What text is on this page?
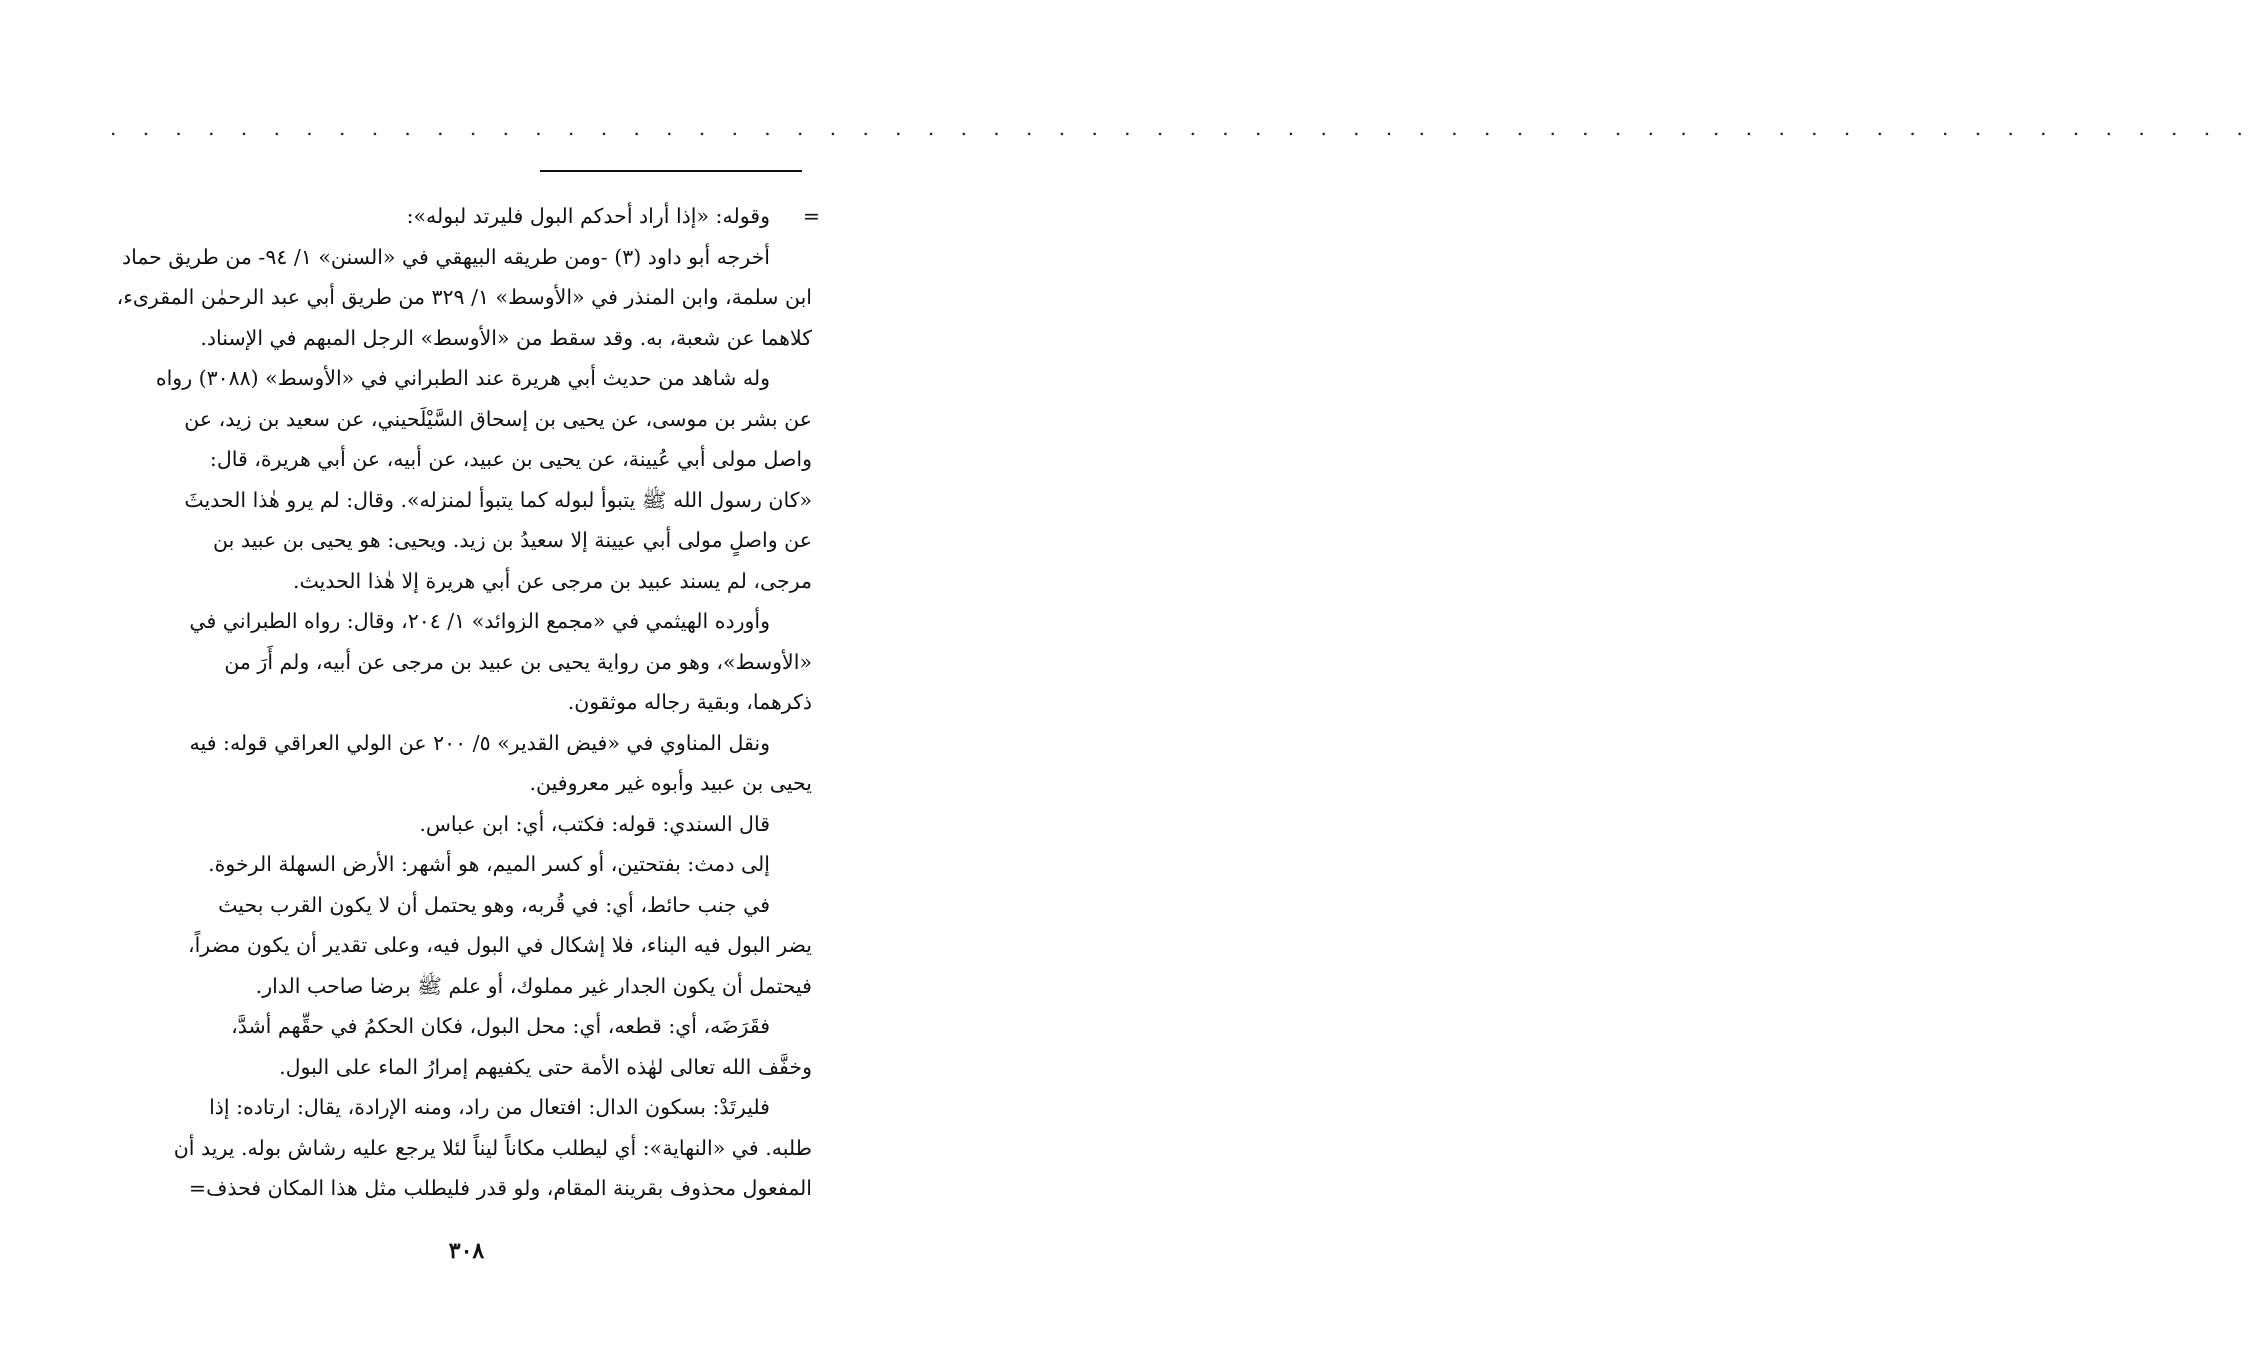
. . . . . . . . . . . . . . . . . . . . . . . . . . . . . . . . . . . . . . . . . . . . . . . . . . . . . . . . . . . . . . . . . .
=
وقوله: «إذا أراد أحدكم البول فليرتد لبوله»:
أخرجه أبو داود (٣) -ومن طريقه البيهقي في «السنن» ١/ ٩٤- من طريق حماد
ابن سلمة، وابن المنذر في «الأوسط» ١/ ٣٢٩ من طريق أبي عبد الرحمٰن المقرىء،
كلاهما عن شعبة، به. وقد سقط من «الأوسط» الرجل المبهم في الإسناد.
وله شاهد من حديث أبي هريرة عند الطبراني في «الأوسط» (٣٠٨٨) رواه
عن بشر بن موسى، عن يحيى بن إسحاق السَّيْلَحيني، عن سعيد بن زيد، عن
واصل مولى أبي عُيينة، عن يحيى بن عبيد، عن أبيه، عن أبي هريرة، قال:
«كان رسول الله ﷺ يتبوأ لبوله كما يتبوأ لمنزله». وقال: لم يرو هٰذا الحديثَ
عن واصلٍ مولى أبي عيينة إلا سعيدُ بن زيد. ويحيى: هو يحيى بن عبيد بن
مرجى، لم يسند عبيد بن مرجى عن أبي هريرة إلا هٰذا الحديث.
وأورده الهيثمي في «مجمع الزوائد» ١/ ٢٠٤، وقال: رواه الطبراني في
«الأوسط»، وهو من رواية يحيى بن عبيد بن مرجى عن أبيه، ولم أَرَ من
ذكرهما، وبقية رجاله موثقون.
ونقل المناوي في «فيض القدير» ٥/ ٢٠٠ عن الولي العراقي قوله: فيه
يحيى بن عبيد وأبوه غير معروفين.
قال السندي: قوله: فكتب، أي: ابن عباس.
إلى دمث: بفتحتين، أو كسر الميم، هو أشهر: الأرض السهلة الرخوة.
في جنب حائط، أي: في قُربه، وهو يحتمل أن لا يكون القرب بحيث
يضر البول فيه البناء، فلا إشكال في البول فيه، وعلى تقدير أن يكون مضراً،
فيحتمل أن يكون الجدار غير مملوك، أو علم ﷺ برضا صاحب الدار.
فقَرَضَه، أي: قطعه، أي: محل البول، فكان الحكمُ في حقِّهم أشدَّ،
وخفَّف الله تعالى لهٰذه الأمة حتى يكفيهم إمرارُ الماء على البول.
فليرتَدْ: بسكون الدال: افتعال من راد، ومنه الإرادة، يقال: ارتاده: إذا
طلبه. في «النهاية»: أي ليطلب مكاناً ليناً لئلا يرجع عليه رشاش بوله. يريد أن
المفعول محذوف بقرينة المقام، ولو قدر فليطلب مثل هذا المكان فحذف=
٣٠٨
